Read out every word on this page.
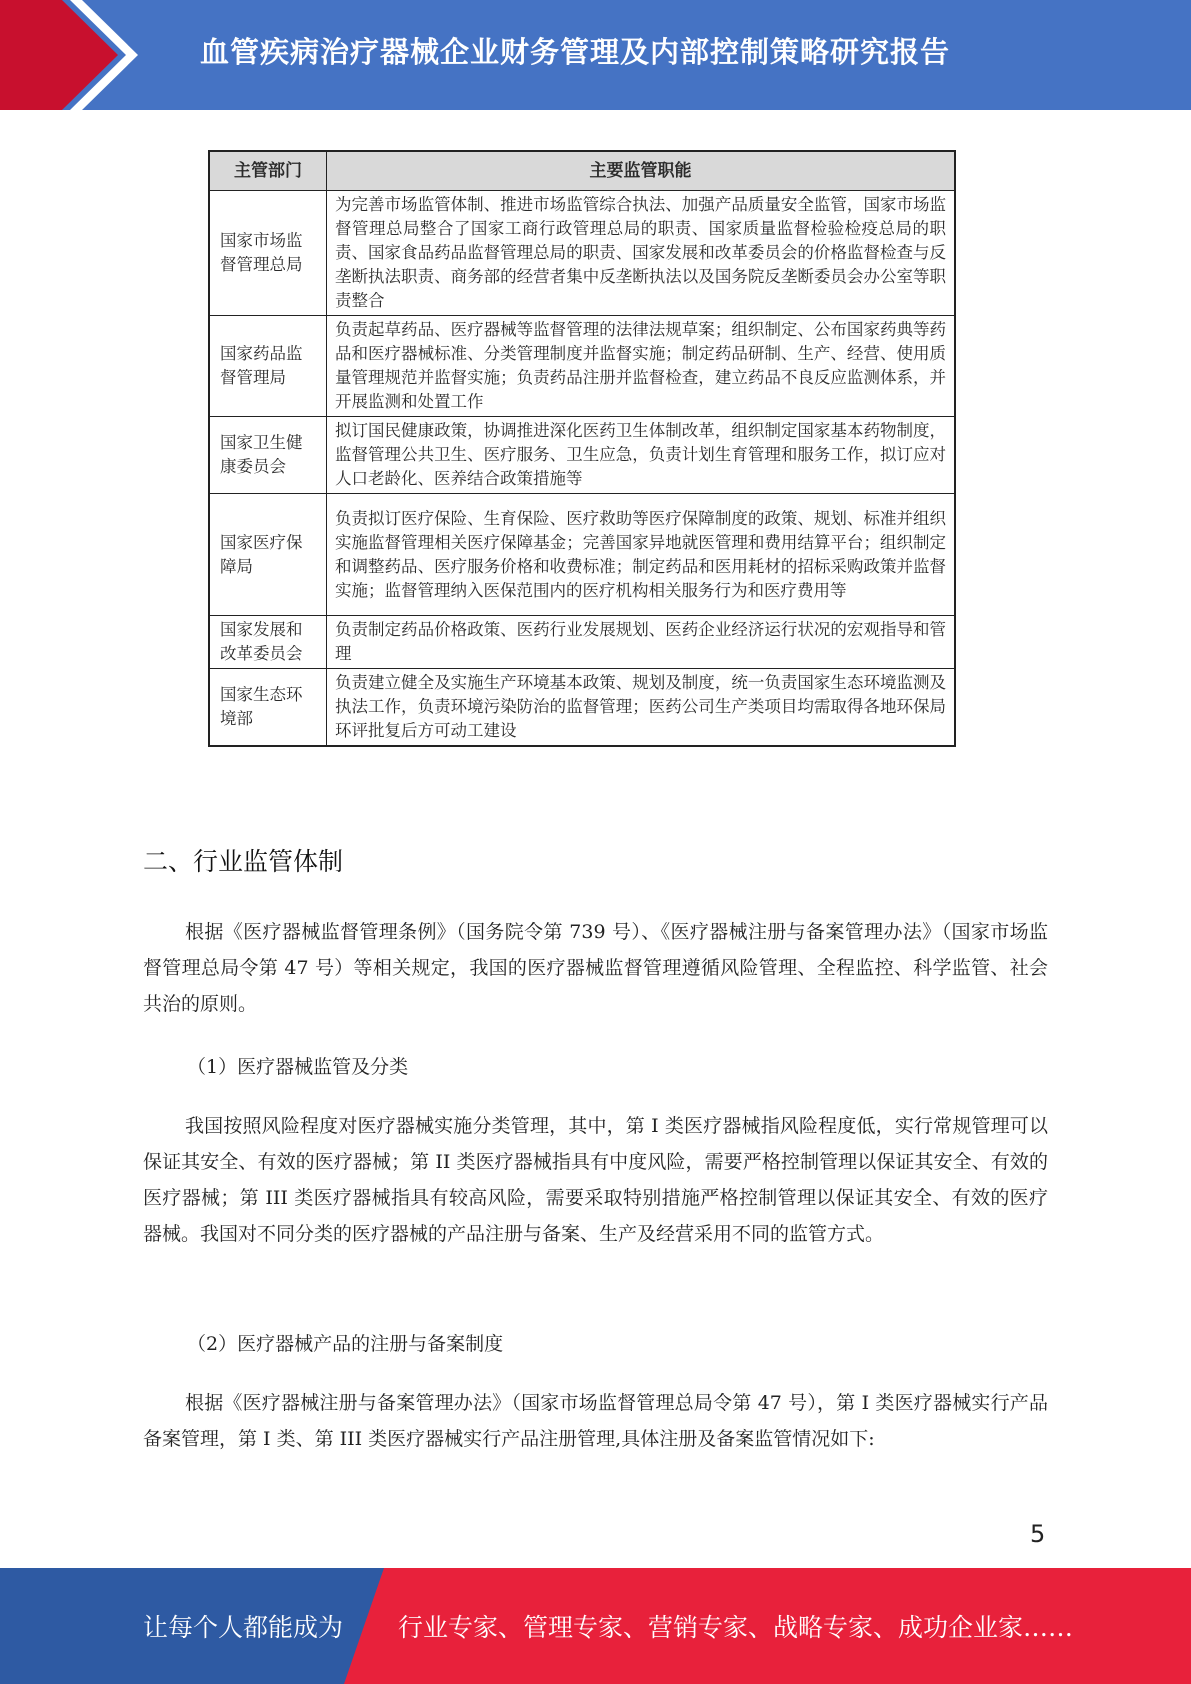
血管疾病治疗器械企业财务管理及内部控制策略研究报告
主管部门	主要监管职能
国家市场监督管理总局	为完善市场监管体制、推进市场监管综合执法、加强产品质量安全监管，国家市场监督管理总局整合了国家工商行政管理总局的职责、国家质量监督检验检疫总局的职责、国家食品药品监督管理总局的职责、国家发展和改革委员会的价格监督检查与反垄断执法职责、商务部的经营者集中反垄断执法以及国务院反垄断委员会办公室等职责整合
国家药品监督管理局	负责起草药品、医疗器械等监督管理的法律法规草案；组织制定、公布国家药典等药品和医疗器械标准、分类管理制度并监督实施；制定药品研制、生产、经营、使用质量管理规范并监督实施；负责药品注册并监督检查，建立药品不良反应监测体系，并开展监测和处置工作
国家卫生健康委员会	拟订国民健康政策，协调推进深化医药卫生体制改革，组织制定国家基本药物制度，监督管理公共卫生、医疗服务、卫生应急，负责计划生育管理和服务工作，拟订应对人口老龄化、医养结合政策措施等
国家医疗保障局	负责拟订医疗保险、生育保险、医疗救助等医疗保障制度的政策、规划、标准并组织实施监督管理相关医疗保障基金；完善国家异地就医管理和费用结算平台；组织制定和调整药品、医疗服务价格和收费标准；制定药品和医用耗材的招标采购政策并监督实施；监督管理纳入医保范围内的医疗机构相关服务行为和医疗费用等
国家发展和改革委员会	负责制定药品价格政策、医药行业发展规划、医药企业经济运行状况的宏观指导和管理
国家生态环境部	负责建立健全及实施生产环境基本政策、规划及制度，统一负责国家生态环境监测及执法工作，负责环境污染防治的监督管理；医药公司生产类项目均需取得各地环保局环评批复后方可动工建设
二、行业监管体制

根据《医疗器械监督管理条例》（国务院令第 739 号）、《医疗器械注册与备案管理办法》（国家市场监督管理总局令第 47 号）等相关规定，我国的医疗器械监督管理遵循风险管理、全程监控、科学监管、社会共治的原则。

（1）医疗器械监管及分类

我国按照风险程度对医疗器械实施分类管理，其中，第 I 类医疗器械指风险程度低，实行常规管理可以保证其安全、有效的医疗器械；第 II 类医疗器械指具有中度风险，需要严格控制管理以保证其安全、有效的医疗器械；第 III 类医疗器械指具有较高风险，需要采取特别措施严格控制管理以保证其安全、有效的医疗器械。我国对不同分类的医疗器械的产品注册与备案、生产及经营采用不同的监管方式。

（2）医疗器械产品的注册与备案制度

根据《医疗器械注册与备案管理办法》（国家市场监督管理总局令第 47 号），第 I 类医疗器械实行产品备案管理，第 I 类、第 III 类医疗器械实行产品注册管理,具体注册及备案监管情况如下:

5
让每个人都能成为 行业专家、管理专家、营销专家、战略专家、成功企业家……
